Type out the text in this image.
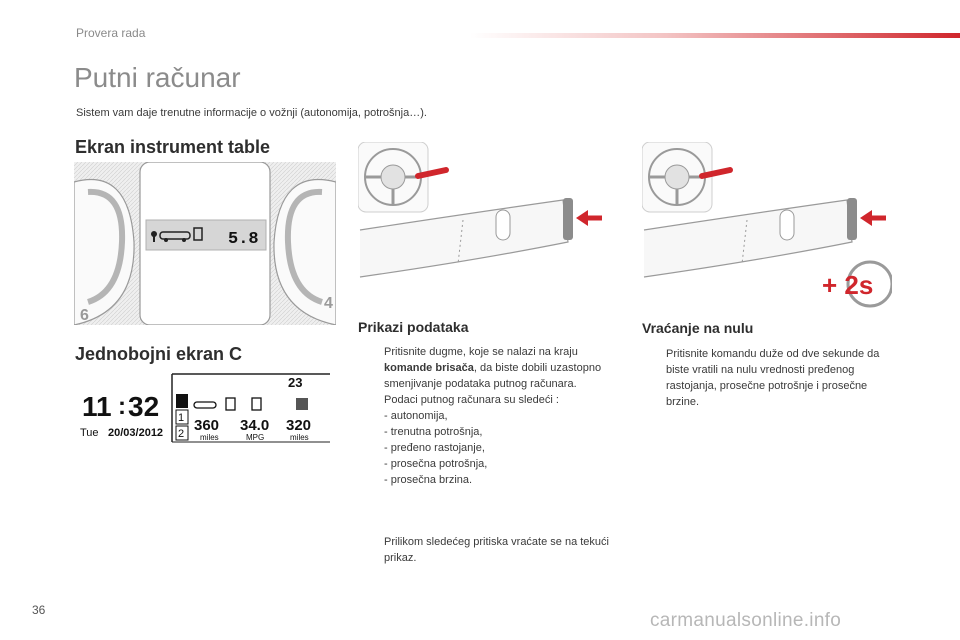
Provera rada
Putni računar

Sistem vam daje trenutne informacije o vožnji (autonomija, potrošnja…).

Ekran instrument table
5.8
6
4
+ 2s
Jednobojni ekran C
11 : 32
Tue 20/03/2012
23
1
2 360
miles
34.0
MPG
320
miles
Prikazi podataka
Pritisnite dugme, koje se nalazi na kraju komande brisača, da biste dobili uzastopno smenjivanje podataka putnog računara.
Podaci putnog računara su sledeći :
- autonomija,
- trenutna potrošnja,
- pređeno rastojanje,
- prosečna potrošnja,
- prosečna brzina.
Prilikom sledećeg pritiska vraćate se na tekući prikaz.
Vraćanje na nulu
Pritisnite komandu duže od dve sekunde da biste vratili na nulu vrednosti pređenog rastojanja, prosečne potrošnje i prosečne brzine.
36	carmanualsonline.info
